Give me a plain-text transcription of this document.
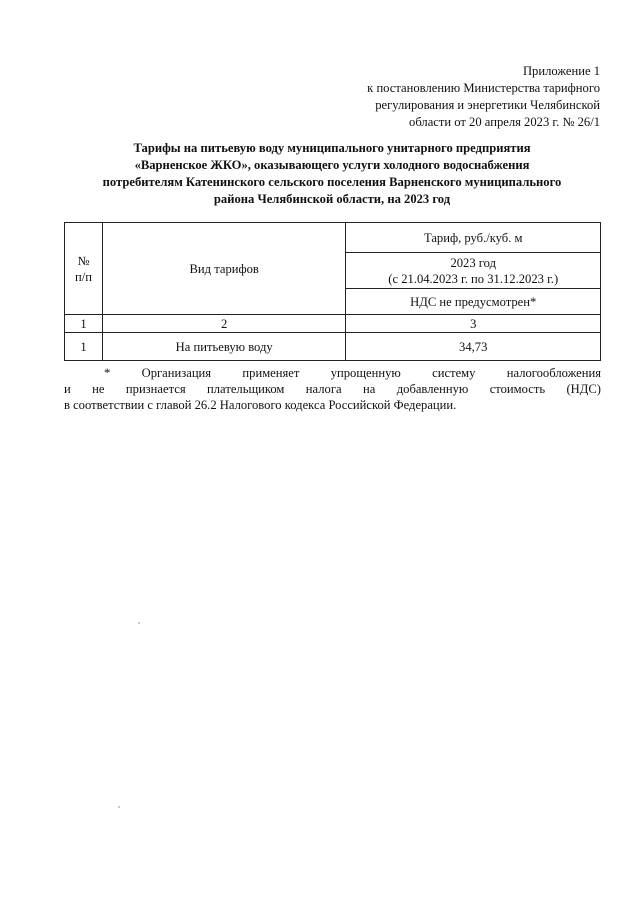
Приложение 1
к постановлению Министерства тарифного
регулирования и энергетики Челябинской
области от 20 апреля 2023 г. № 26/1
Тарифы на питьевую воду муниципального унитарного предприятия
«Варненское ЖКО», оказывающего услуги холодного водоснабжения
потребителям Катенинского сельского поселения Варненского муниципального
района Челябинской области, на 2023 год
№
п/п	Вид тарифов	Тариф, руб./куб. м

		2023 год
(с 21.04.2023 г. по 31.12.2023 г.)

		НДС не предусмотрен*
1	2	3
1	На питьевую воду	34,73
* Организация применяет упрощенную систему налогообложения
и не признается плательщиком налога на добавленную стоимость (НДС)
в соответствии с главой 26.2 Налогового кодекса Российской Федерации.
